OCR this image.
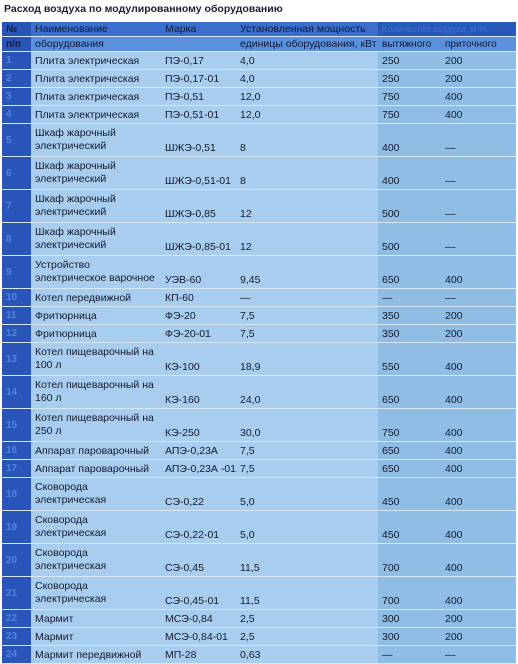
Расход воздуха по модулированному оборудованию
№	Наименование	Марка	Установленная мощность	Количество воздуха, м³/ч	
п/п	оборудования		единицы оборудования, кВт	вытяжного	приточного
1	Плита электрическая	ПЭ-0,17	4,0	250	200
2	Плита электрическая	ПЭ-0,17-01	4,0	250	200
3	Плита электрическая	ПЭ-0,51	12,0	750	400
4	Плита электрическая	ПЭ-0,51-01	12,0	750	400
5	Шкаф жарочный электрический	ШЖЭ-0,51	8	400	—
6	Шкаф жарочный электрический	ШЖЭ-0,51-01	8	400	—
7	Шкаф жарочный электрический	ШЖЭ-0,85	12	500	—
8	Шкаф жарочный электрический	ШЖЭ-0,85-01	12	500	—
9	Устройство электрическое варочное	УЭВ-60	9,45	650	400
10	Котел передвижной	КП-60	—	—	—
11	Фритюрница	ФЭ-20	7,5	350	200
12	Фритюрница	ФЭ-20-01	7,5	350	200
13	Котел пищеварочный на 100 л	КЭ-100	18,9	550	400
14	Котел пищеварочный на 160 л	КЭ-160	24,0	650	400
15	Котел пищеварочный на 250 л	КЭ-250	30,0	750	400
16	Аппарат пароварочный	АПЭ-0,23А	7,5	650	400
17	Аппарат пароварочный	АПЭ-0,23А -01	7,5	650	400
18	Сковорода электрическая	СЭ-0,22	5,0	450	400
19	Сковорода электрическая	СЭ-0,22-01	5,0	450	400
20	Сковорода электрическая	СЭ-0,45	11,5	700	400
21	Сковорода электрическая	СЭ-0,45-01	11,5	700	400
22	Мармит	МСЭ-0,84	2,5	300	200
23	Мармит	МСЭ-0,84-01	2,5	300	200
24	Мармит передвижной	МП-28	0,63	—	—
